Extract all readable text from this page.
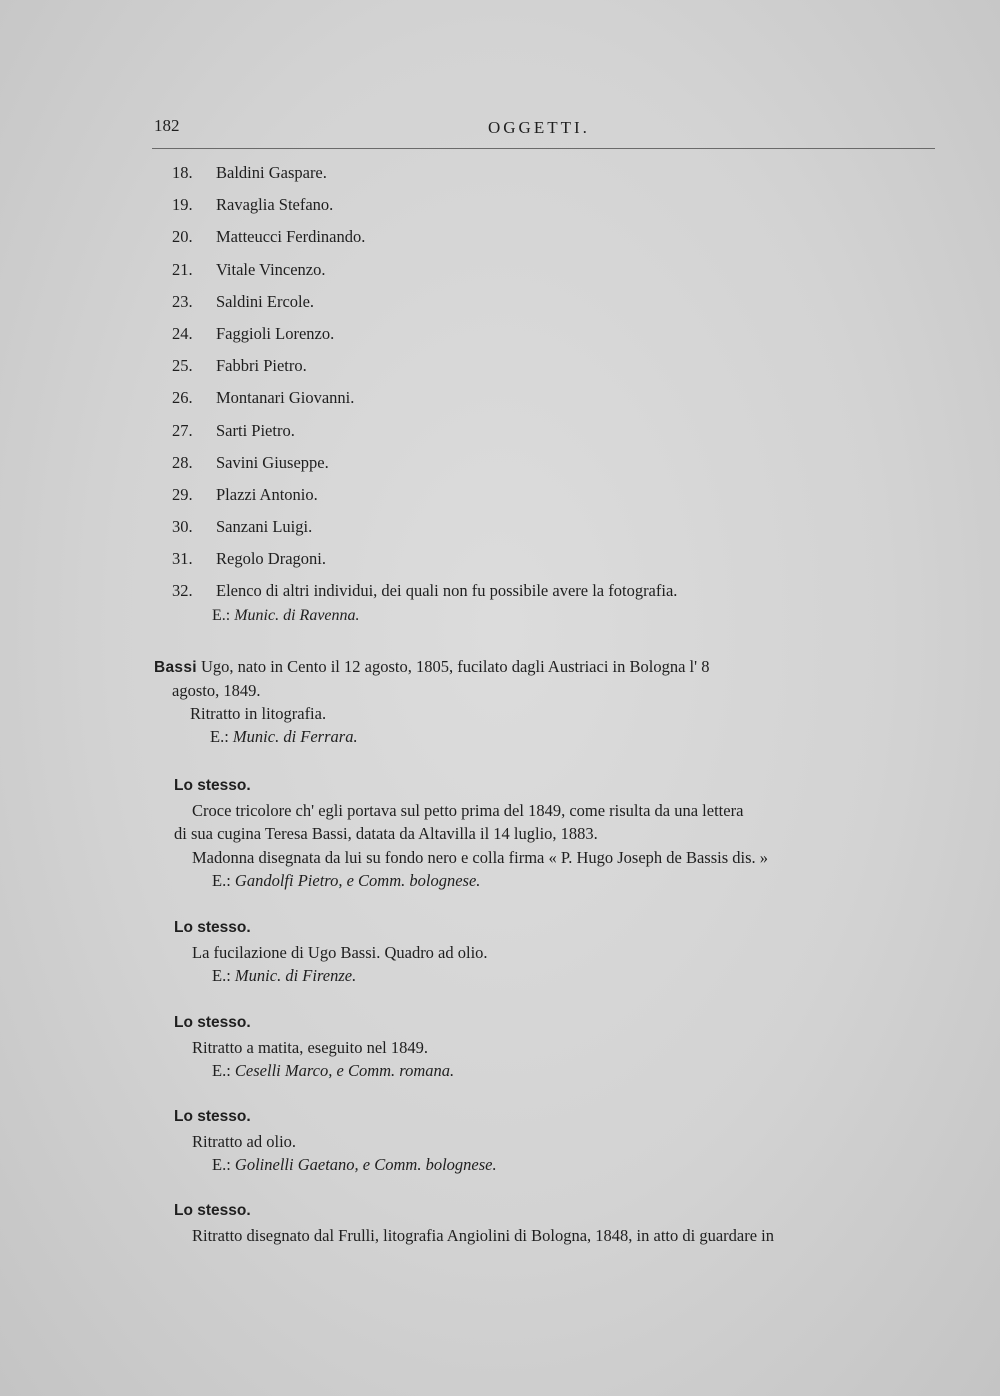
182	OGGETTI.
18. Baldini Gaspare.
19. Ravaglia Stefano.
20. Matteucci Ferdinando.
21. Vitale Vincenzo.
23. Saldini Ercole.
24. Faggioli Lorenzo.
25. Fabbri Pietro.
26. Montanari Giovanni.
27. Sarti Pietro.
28. Savini Giuseppe.
29. Plazzi Antonio.
30. Sanzani Luigi.
31. Regolo Dragoni.
32. Elenco di altri individui, dei quali non fu possibile avere la fotografia.
E.: Munic. di Ravenna.

Bassi Ugo, nato in Cento il 12 agosto, 1805, fucilato dagli Austriaci in Bologna l' 8

agosto, 1849.

Ritratto in litografia.

E.: Munic. di Ferrara.

Lo stesso.

Croce tricolore ch' egli portava sul petto prima del 1849, come risulta da una lettera

di sua cugina Teresa Bassi, datata da Altavilla il 14 luglio, 1883.

Madonna disegnata da lui su fondo nero e colla firma « P. Hugo Joseph de Bassis dis. »

E.: Gandolfi Pietro, e Comm. bolognese.

Lo stesso.

La fucilazione di Ugo Bassi. Quadro ad olio.

E.: Munic. di Firenze.

Lo stesso.

Ritratto a matita, eseguito nel 1849.

E.: Ceselli Marco, e Comm. romana.

Lo stesso.

Ritratto ad olio.

E.: Golinelli Gaetano, e Comm. bolognese.

Lo stesso.

Ritratto disegnato dal Frulli, litografia Angiolini di Bologna, 1848, in atto di guardare in
